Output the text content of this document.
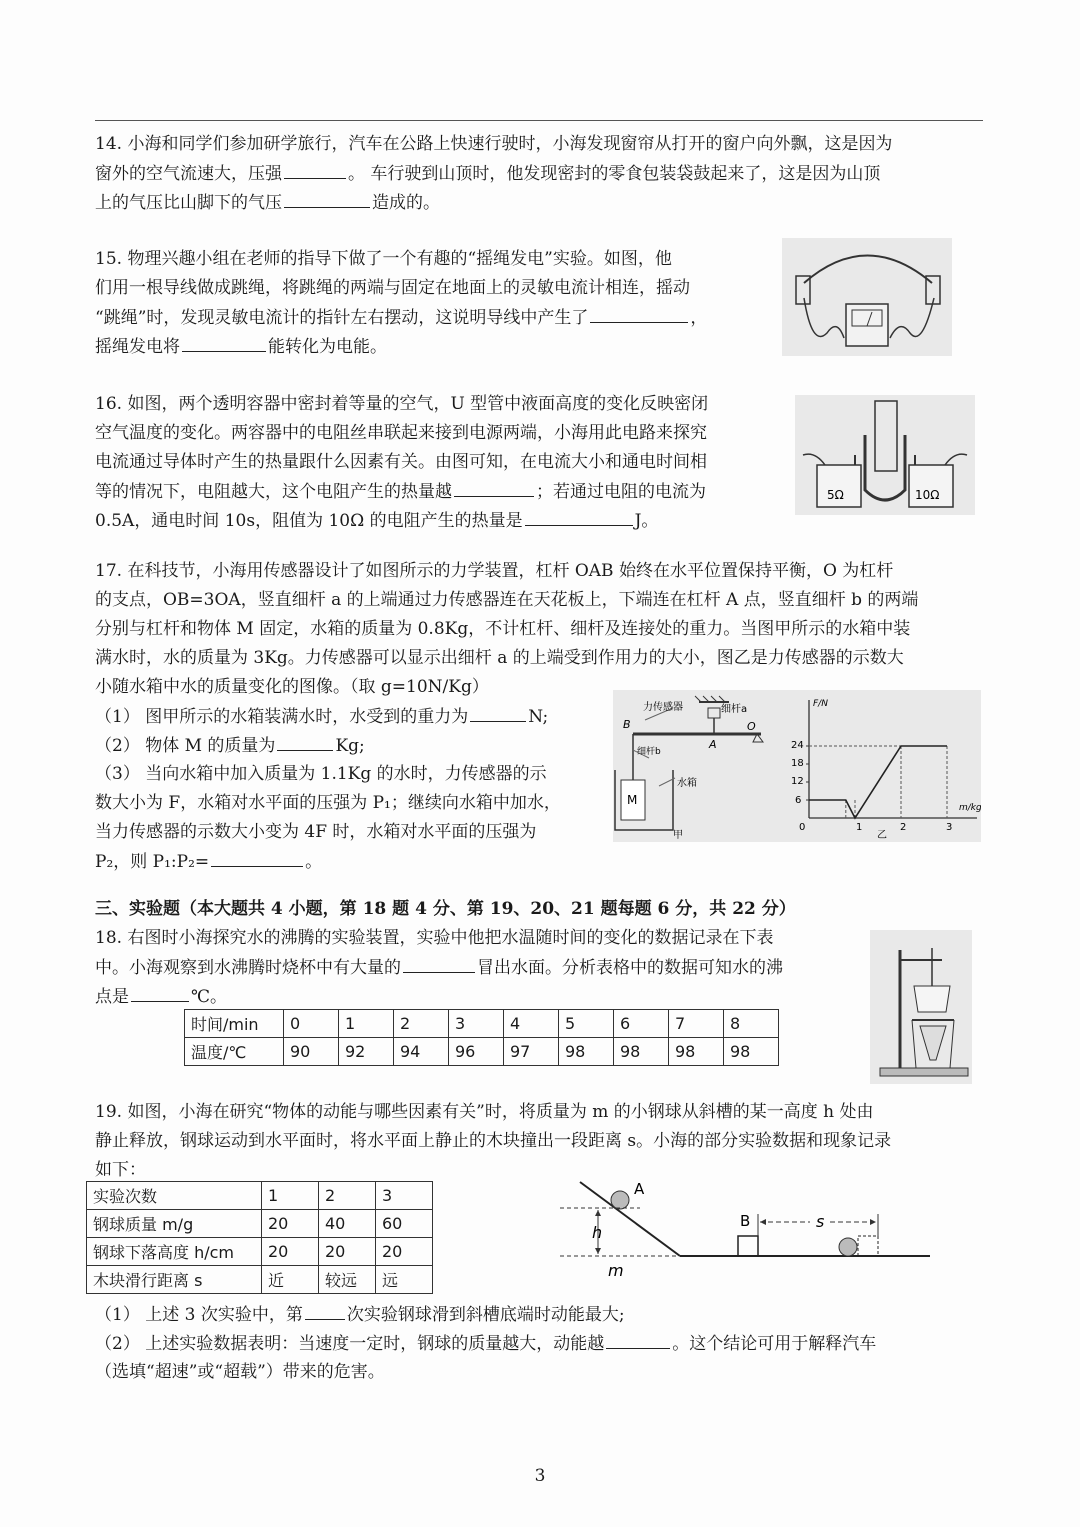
14. 小海和同学们参加研学旅行，汽车在公路上快速行驶时，小海发现窗帘从打开的窗户向外飘，这是因为
窗外的空气流速大，压强	。 车行驶到山顶时，他发现密封的零食包装袋鼓起来了，这是因为山顶
上的气压比山脚下的气压	造成的。
15. 物理兴趣小组在老师的指导下做了一个有趣的“摇绳发电”实验。如图，他
们用一根导线做成跳绳，将跳绳的两端与固定在地面上的灵敏电流计相连，摇动
“跳绳”时，发现灵敏电流计的指针左右摆动，这说明导线中产生了	，
摇绳发电将	能转化为电能。
16. 如图，两个透明容器中密封着等量的空气，U 型管中液面高度的变化反映密闭
空气温度的变化。两容器中的电阻丝串联起来接到电源两端，小海用此电路来探究
电流通过导体时产生的热量跟什么因素有关。由图可知，在电流大小和通电时间相
等的情况下，电阻越大，这个电阻产生的热量越	；若通过电阻的电流为
0.5A，通电时间 10s，阻值为 10Ω 的电阻产生的热量是	J。
5Ω	10Ω
17. 在科技节，小海用传感器设计了如图所示的力学装置，杠杆 OAB 始终在水平位置保持平衡，O 为杠杆
的支点，OB=3OA，竖直细杆 a 的上端通过力传感器连在天花板上，下端连在杠杆 A 点，竖直细杆 b 的两端
分别与杠杆和物体 M 固定，水箱的质量为 0.8Kg，不计杠杆、细杆及连接处的重力。当图甲所示的水箱中装
满水时，水的质量为 3Kg。力传感器可以显示出细杆 a 的上端受到作用力的大小，图乙是力传感器的示数大
小随水箱中水的质量变化的图像。（取 g=10N/Kg）
（1） 图甲所示的水箱装满水时，水受到的重力为	N;
（2） 物体 M 的质量为	Kg;
（3） 当向水箱中加入质量为 1.1Kg 的水时，力传感器的示
数大小为 F，水箱对水平面的压强为 P₁；继续向水箱中加水，
当力传感器的示数大小变为 4F 时，水箱对水平面的压强为
P₂，则 P₁:P₂=	。
力传感器	细杆a
细杆b
水箱
B
A
O
M
甲
F/N
m/kg
24
18
12
6
0	1	2	3
乙
三、实验题（本大题共 4 小题，第 18 题 4 分、第 19、20、21 题每题 6 分，共 22 分）
18. 右图时小海探究水的沸腾的实验装置，实验中他把水温随时间的变化的数据记录在下表
中。小海观察到水沸腾时烧杯中有大量的	冒出水面。分析表格中的数据可知水的沸
点是	℃。
时间/min	0	1	2	3	4	5	6	7	8
温度/℃	90	92	94	96	97	98	98	98	98
19. 如图，小海在研究“物体的动能与哪些因素有关”时，将质量为 m 的小钢球从斜槽的某一高度 h 处由
静止释放，钢球运动到水平面时，将水平面上静止的木块撞出一段距离 s。小海的部分实验数据和现象记录
如下：
实验次数	1	2	3
钢球质量 m/g	20	40	60
钢球下落高度 h/cm	20	20	20
木块滑行距离 s	近	较远	远
A
B
h
m
s
（1） 上述 3 次实验中，第	次实验钢球滑到斜槽底端时动能最大;
（2） 上述实验数据表明：当速度一定时，钢球的质量越大，动能越	。这个结论可用于解释汽车
（选填“超速”或“超载”）带来的危害。
3
